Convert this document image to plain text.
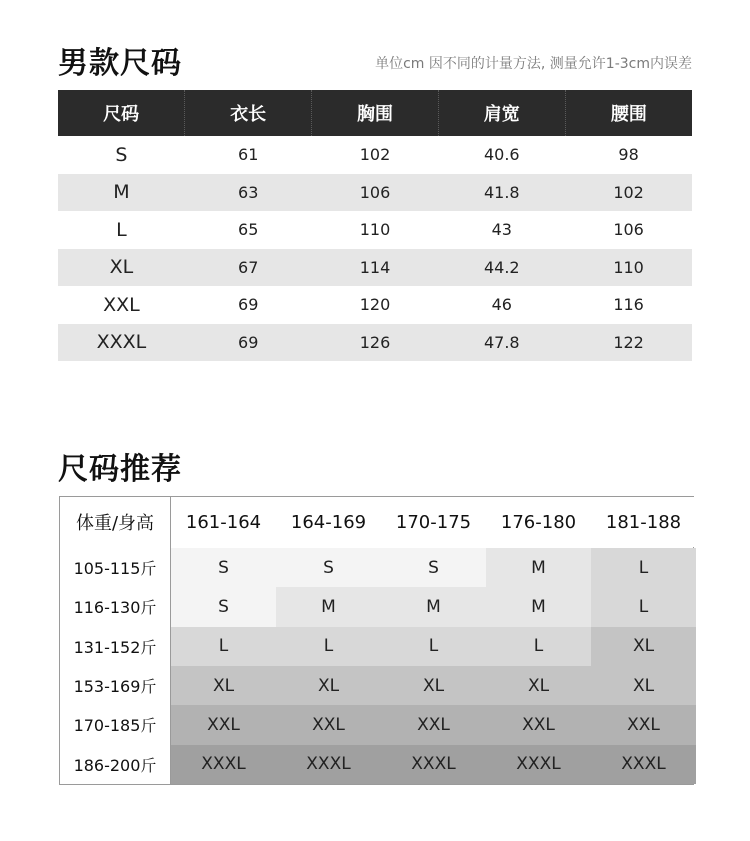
男款尺码	单位cm 因不同的计量方法, 测量允许1-3cm内误差
尺码	衣长	胸围	肩宽	腰围
S	61	102	40.6	98
M	63	106	41.8	102
L	65	110	43	106
XL	67	114	44.2	110
XXL	69	120	46	116
XXXL	69	126	47.8	122
尺码推荐
体重/身高	161-164	164-169	170-175	176-180	181-188
105-115斤	S	S	S	M	L
116-130斤	S	M	M	M	L
131-152斤	L	L	L	L	XL
153-169斤	XL	XL	XL	XL	XL
170-185斤	XXL	XXL	XXL	XXL	XXL
186-200斤	XXXL	XXXL	XXXL	XXXL	XXXL
